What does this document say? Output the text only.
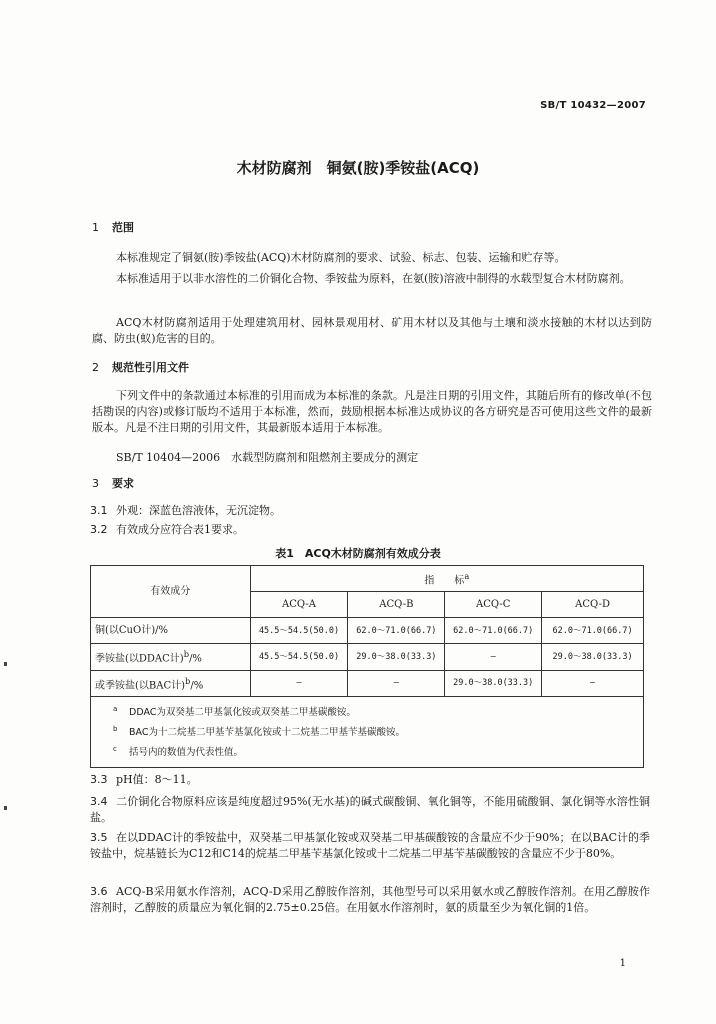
SB/T 10432—2007
木材防腐剂　铜氨(胺)季铵盐(ACQ)
1 范围
本标准规定了铜氨(胺)季铵盐(ACQ)木材防腐剂的要求、试验、标志、包装、运输和贮存等。
本标准适用于以非水溶性的二价铜化合物、季铵盐为原料，在氨(胺)溶液中制得的水载型复合木材防腐剂。
ACQ木材防腐剂适用于处理建筑用材、园林景观用材、矿用木材以及其他与土壤和淡水接触的木材以达到防腐、防虫(蚁)危害的目的。
2 规范性引用文件
下列文件中的条款通过本标准的引用而成为本标准的条款。凡是注日期的引用文件，其随后所有的修改单(不包括勘误的内容)或修订版均不适用于本标准，然而，鼓励根据本标准达成协议的各方研究是否可使用这些文件的最新版本。凡是不注日期的引用文件，其最新版本适用于本标准。
SB/T 10404—2006　水载型防腐剂和阻燃剂主要成分的测定
3 要求
3.1 外观：深蓝色溶液体，无沉淀物。
3.2 有效成分应符合表1要求。
表1　ACQ木材防腐剂有效成分表
有效成分	指　　标$^a$
	ACQ-A	ACQ-B	ACQ-C	ACQ-D
铜(以CuO计)/%	45.5～54.5(50.0)	62.0～71.0(66.7)	62.0～71.0(66.7)	62.0～71.0(66.7)
季铵盐(以DDAC计)$^b$/%	45.5～54.5(50.0)	29.0～38.0(33.3)	—	29.0～38.0(33.3)
或季铵盐(以BAC计)$^b$/%	—	—	29.0～38.0(33.3)	—

$^a$ DDAC为双癸基二甲基氯化铵或双癸基二甲基碳酸铵。
$^b$ BAC为十二烷基二甲基苄基氯化铵或十二烷基二甲基苄基碳酸铵。
$^c$ 括号内的数值为代表性值。				
3.3 pH值：8～11。
3.4 二价铜化合物原料应该是纯度超过95%(无水基)的碱式碳酸铜、氧化铜等，不能用硫酸铜、氯化铜等水溶性铜盐。
3.5 在以DDAC计的季铵盐中，双癸基二甲基氯化铵或双癸基二甲基碳酸铵的含量应不少于90%；在以BAC计的季铵盐中，烷基链长为C12和C14的烷基二甲基苄基氯化铵或十二烷基二甲基苄基碳酸铵的含量应不少于80%。
3.6 ACQ-B采用氨水作溶剂，ACQ-D采用乙醇胺作溶剂，其他型号可以采用氨水或乙醇胺作溶剂。在用乙醇胺作溶剂时，乙醇胺的质量应为氧化铜的2.75±0.25倍。在用氨水作溶剂时，氨的质量至少为氧化铜的1倍。
1
